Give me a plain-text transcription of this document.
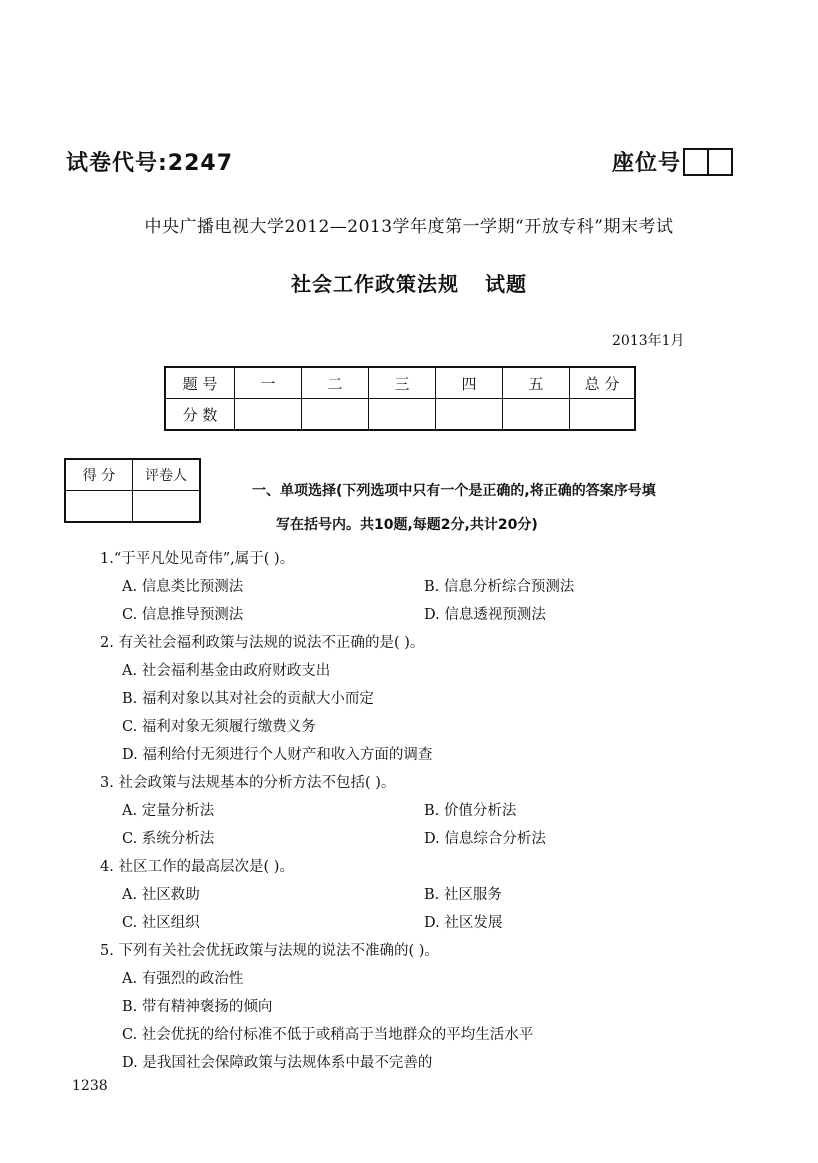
试卷代号:2247	座位号
中央广播电视大学2012—2013学年度第一学期“开放专科”期末考试
社会工作政策法规 试题
2013年1月
题 号	一	二	三	四	五	总 分
分 数						
得 分	评卷人

一、单项选择(下列选项中只有一个是正确的,将正确的答案序号填
写在括号内。共10题,每题2分,共计20分)
1.“于平凡处见奇伟”,属于( )。
A. 信息类比预测法	B. 信息分析综合预测法
C. 信息推导预测法	D. 信息透视预测法
2. 有关社会福利政策与法规的说法不正确的是( )。
A. 社会福利基金由政府财政支出
B. 福利对象以其对社会的贡献大小而定
C. 福利对象无须履行缴费义务
D. 福利给付无须进行个人财产和收入方面的调查
3. 社会政策与法规基本的分析方法不包括( )。
A. 定量分析法	B. 价值分析法
C. 系统分析法	D. 信息综合分析法
4. 社区工作的最高层次是( )。
A. 社区救助	B. 社区服务
C. 社区组织	D. 社区发展
5. 下列有关社会优抚政策与法规的说法不准确的( )。
A. 有强烈的政治性
B. 带有精神褒扬的倾向
C. 社会优抚的给付标准不低于或稍高于当地群众的平均生活水平
D. 是我国社会保障政策与法规体系中最不完善的
1238
